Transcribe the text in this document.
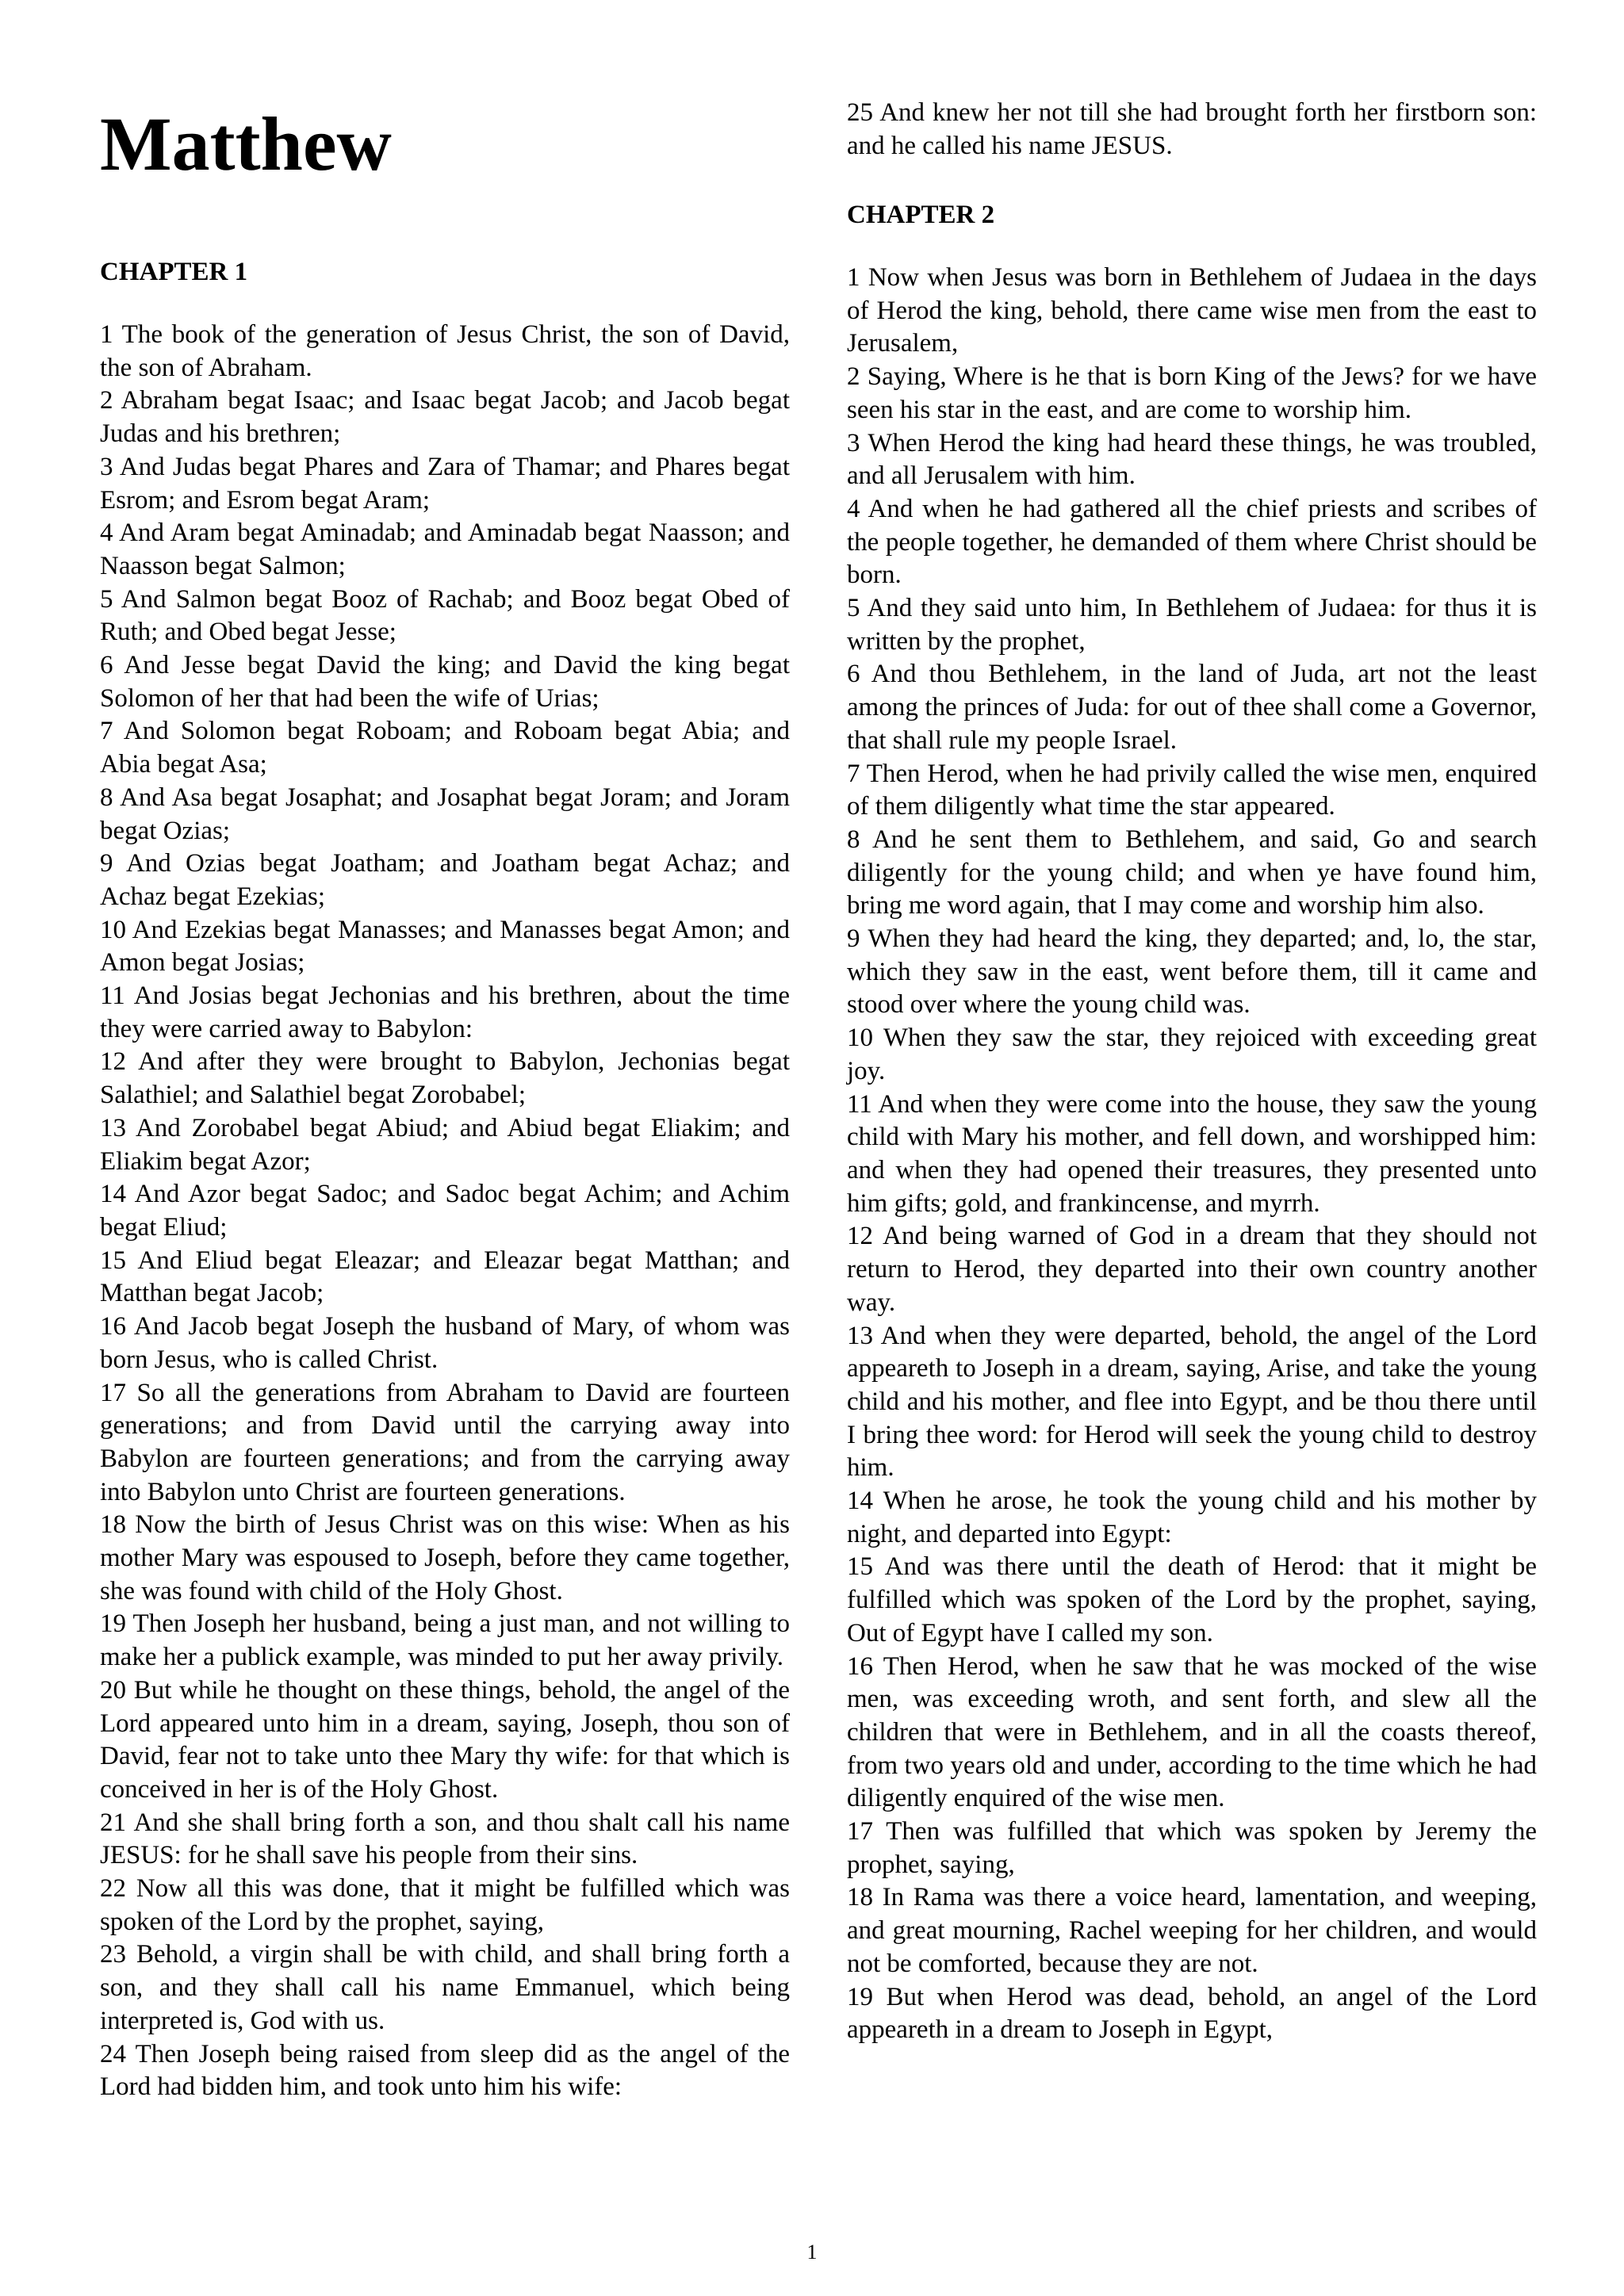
Matthew
CHAPTER 1
1 The book of the generation of Jesus Christ, the son of David, the son of Abraham.
2 Abraham begat Isaac; and Isaac begat Jacob; and Jacob begat Judas and his brethren;
3 And Judas begat Phares and Zara of Thamar; and Phares begat Esrom; and Esrom begat Aram;
4 And Aram begat Aminadab; and Aminadab begat Naasson; and Naasson begat Salmon;
5 And Salmon begat Booz of Rachab; and Booz begat Obed of Ruth; and Obed begat Jesse;
6 And Jesse begat David the king; and David the king begat Solomon of her that had been the wife of Urias;
7 And Solomon begat Roboam; and Roboam begat Abia; and Abia begat Asa;
8 And Asa begat Josaphat; and Josaphat begat Joram; and Joram begat Ozias;
9 And Ozias begat Joatham; and Joatham begat Achaz; and Achaz begat Ezekias;
10 And Ezekias begat Manasses; and Manasses begat Amon; and Amon begat Josias;
11 And Josias begat Jechonias and his brethren, about the time they were carried away to Babylon:
12 And after they were brought to Babylon, Jechonias begat Salathiel; and Salathiel begat Zorobabel;
13 And Zorobabel begat Abiud; and Abiud begat Eliakim; and Eliakim begat Azor;
14 And Azor begat Sadoc; and Sadoc begat Achim; and Achim begat Eliud;
15 And Eliud begat Eleazar; and Eleazar begat Matthan; and Matthan begat Jacob;
16 And Jacob begat Joseph the husband of Mary, of whom was born Jesus, who is called Christ.
17 So all the generations from Abraham to David are fourteen generations; and from David until the carrying away into Babylon are fourteen generations; and from the carrying away into Babylon unto Christ are fourteen generations.
18 Now the birth of Jesus Christ was on this wise: When as his mother Mary was espoused to Joseph, before they came together, she was found with child of the Holy Ghost.
19 Then Joseph her husband, being a just man, and not willing to make her a publick example, was minded to put her away privily.
20 But while he thought on these things, behold, the angel of the Lord appeared unto him in a dream, saying, Joseph, thou son of David, fear not to take unto thee Mary thy wife: for that which is conceived in her is of the Holy Ghost.
21 And she shall bring forth a son, and thou shalt call his name JESUS: for he shall save his people from their sins.
22 Now all this was done, that it might be fulfilled which was spoken of the Lord by the prophet, saying,
23 Behold, a virgin shall be with child, and shall bring forth a son, and they shall call his name Emmanuel, which being interpreted is, God with us.
24 Then Joseph being raised from sleep did as the angel of the Lord had bidden him, and took unto him his wife:
25 And knew her not till she had brought forth her firstborn son: and he called his name JESUS.
CHAPTER 2
1 Now when Jesus was born in Bethlehem of Judaea in the days of Herod the king, behold, there came wise men from the east to Jerusalem,
2 Saying, Where is he that is born King of the Jews? for we have seen his star in the east, and are come to worship him.
3 When Herod the king had heard these things, he was troubled, and all Jerusalem with him.
4 And when he had gathered all the chief priests and scribes of the people together, he demanded of them where Christ should be born.
5 And they said unto him, In Bethlehem of Judaea: for thus it is written by the prophet,
6 And thou Bethlehem, in the land of Juda, art not the least among the princes of Juda: for out of thee shall come a Governor, that shall rule my people Israel.
7 Then Herod, when he had privily called the wise men, enquired of them diligently what time the star appeared.
8 And he sent them to Bethlehem, and said, Go and search diligently for the young child; and when ye have found him, bring me word again, that I may come and worship him also.
9 When they had heard the king, they departed; and, lo, the star, which they saw in the east, went before them, till it came and stood over where the young child was.
10 When they saw the star, they rejoiced with exceeding great joy.
11 And when they were come into the house, they saw the young child with Mary his mother, and fell down, and worshipped him: and when they had opened their treasures, they presented unto him gifts; gold, and frankincense, and myrrh.
12 And being warned of God in a dream that they should not return to Herod, they departed into their own country another way.
13 And when they were departed, behold, the angel of the Lord appeareth to Joseph in a dream, saying, Arise, and take the young child and his mother, and flee into Egypt, and be thou there until I bring thee word: for Herod will seek the young child to destroy him.
14 When he arose, he took the young child and his mother by night, and departed into Egypt:
15 And was there until the death of Herod: that it might be fulfilled which was spoken of the Lord by the prophet, saying, Out of Egypt have I called my son.
16 Then Herod, when he saw that he was mocked of the wise men, was exceeding wroth, and sent forth, and slew all the children that were in Bethlehem, and in all the coasts thereof, from two years old and under, according to the time which he had diligently enquired of the wise men.
17 Then was fulfilled that which was spoken by Jeremy the prophet, saying,
18 In Rama was there a voice heard, lamentation, and weeping, and great mourning, Rachel weeping for her children, and would not be comforted, because they are not.
19 But when Herod was dead, behold, an angel of the Lord appeareth in a dream to Joseph in Egypt,
1
